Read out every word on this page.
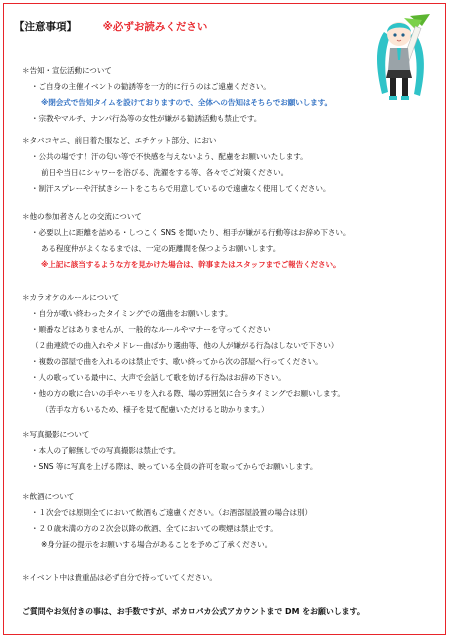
【注意事項】 ※必ずお読みください
＊告知・宣伝活動について
・ご自身の主催イベントの勧誘等を一方的に行うのはご遠慮ください。
※閉会式で告知タイムを設けておりますので、全体への告知はそちらでお願いします。
・宗教やマルチ、ナンパ行為等の女性が嫌がる勧誘活動も禁止です。
＊タバコヤニ、前日着た服など、エチケット部分、におい
・公共の場です！汗の匂い等で不快感を与えないよう、配慮をお願いいたします。
前日や当日にシャワーを浴びる、洗濯をする等、各々でご対策ください。
・制汗スプレーや汗拭きシートをこちらで用意しているので遠慮なく使用してください。
＊他の参加者さんとの交流について
・必要以上に距離を詰める・しつこく SNS を聞いたり、相手が嫌がる行動等はお辞め下さい。
ある程度仲がよくなるまでは、一定の距離間を保つようお願いします。
※上記に該当するような方を見かけた場合は、幹事またはスタッフまでご報告ください。
＊カラオケのルールについて
・自分が歌い終わったタイミングでの選曲をお願いします。
・順番などはありませんが、一般的なルールやマナーを守ってください
（２曲連続での曲入れやメドレー曲ばかり選曲等、他の人が嫌がる行為はしないで下さい）
・複数の部屋で曲を入れるのは禁止です、歌い終ってから次の部屋へ行ってください。
・人の歌っている最中に、大声で会話して歌を妨げる行為はお辞め下さい。
・他の方の歌に合いの手やハモリを入れる際、場の雰囲気に合うタイミングでお願いします。
（苦手な方もいるため、様子を見て配慮いただけると助かります。）
＊写真撮影について
・本人の了解無しでの写真撮影は禁止です。
・SNS 等に写真を上げる際は、映っている全員の許可を取ってからでお願いします。
＊飲酒について
・１次会では原則全てにおいて飲酒もご遠慮ください。（お酒部屋設置の場合は別）
・２０歳未満の方の２次会以降の飲酒、全てにおいての喫煙は禁止です。
※身分証の提示をお願いする場合があることを予めご了承ください。
＊イベント中は貴重品は必ず自分で持っていてください。
ご質問やお気付きの事は、お手数ですが、ボカロパカ公式アカウントまで DM をお願いします。
